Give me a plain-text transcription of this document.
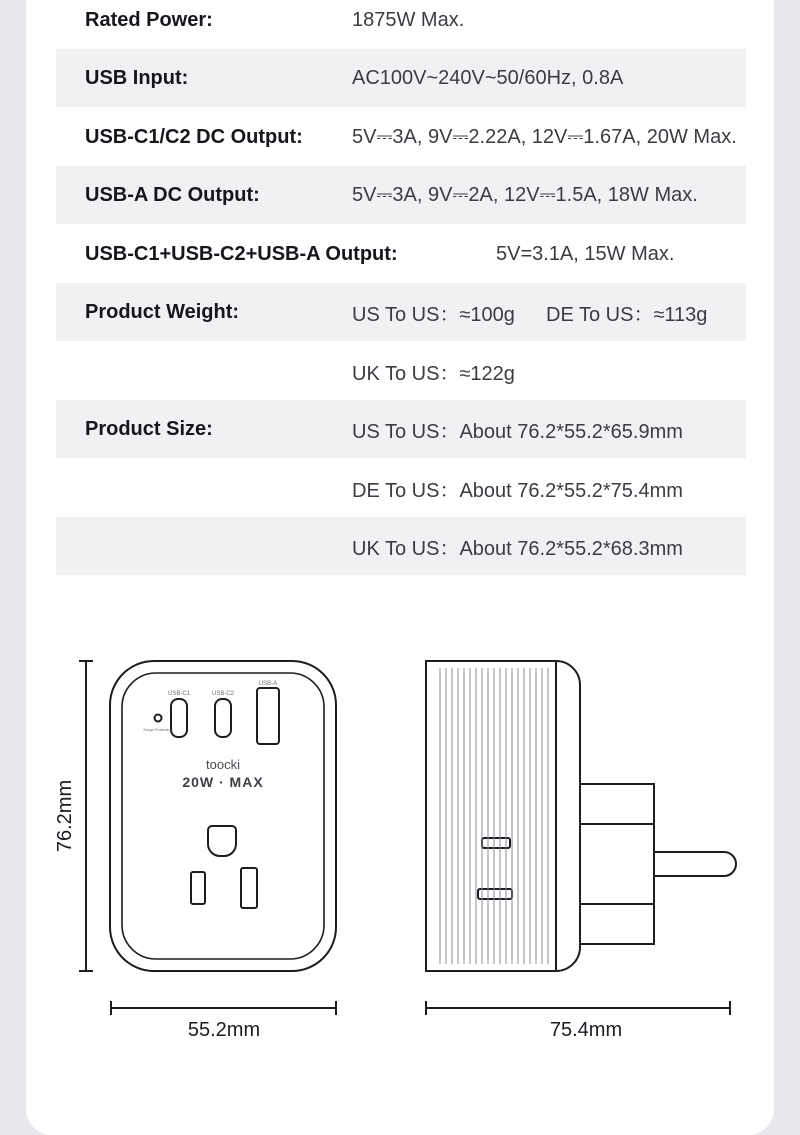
Rated Power:	1875W Max.
USB Input:	AC100V~240V~50/60Hz, 0.8A
USB-C1/C2 DC Output: 5V⎓3A, 9V⎓2.22A, 12V⎓1.67A, 20W Max.
USB-A DC Output:	5V⎓3A, 9V⎓2A, 12V⎓1.5A, 18W Max.
USB-C1+USB-C2+USB-A Output:	5V=3.1A, 15W Max.
Product Weight:	US To US：≈100g DE To US：≈113g
UK To US：≈122g
Product Size:	US To US：About 76.2*55.2*65.9mm
DE To US：About 76.2*55.2*75.4mm
UK To US：About 76.2*55.2*68.3mm
USB-C1	USB-C2
USB-A
Surge Protection
toocki
20W · MAX
76.2mm
55.2mm	75.4mm
